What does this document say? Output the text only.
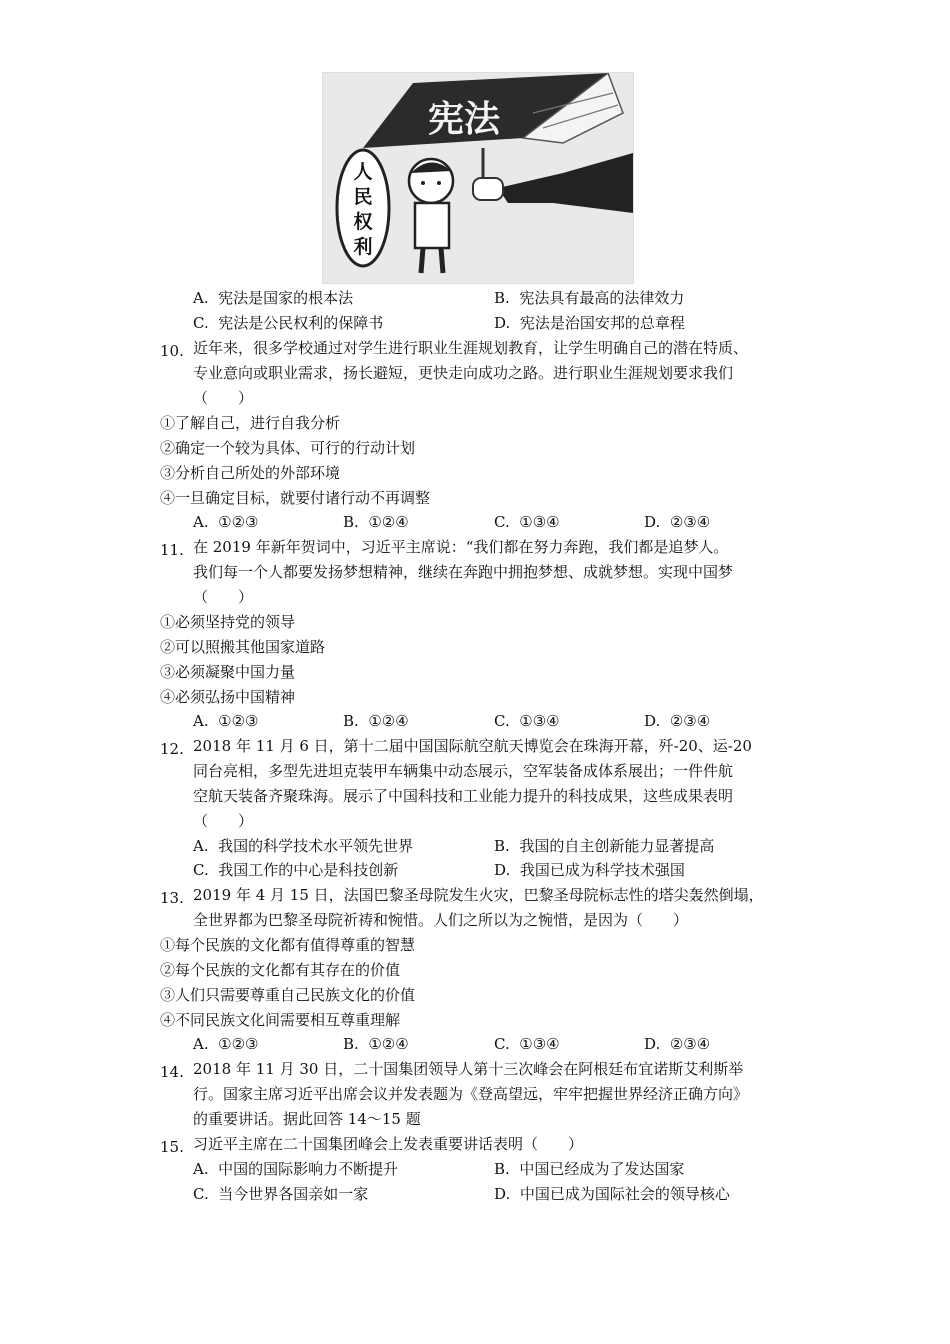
宪法
人
民
权
利
A. 宪法是国家的根本法	B. 宪法具有最高的法律效力
C. 宪法是公民权利的保障书	D. 宪法是治国安邦的总章程
10. 近年来，很多学校通过对学生进行职业生涯规划教育，让学生明确自己的潜在特质、
专业意向或职业需求，扬长避短，更快走向成功之路。进行职业生涯规划要求我们
（　　）
①了解自己，进行自我分析
②确定一个较为具体、可行的行动计划
③分析自己所处的外部环境
④一旦确定目标，就要付诸行动不再调整
A. ①②③	B. ①②④	C. ①③④	D. ②③④
11. 在 2019 年新年贺词中，习近平主席说：“我们都在努力奔跑，我们都是追梦人。
我们每一个人都要发扬梦想精神，继续在奔跑中拥抱梦想、成就梦想。实现中国梦
（　　）
①必须坚持党的领导
②可以照搬其他国家道路
③必须凝聚中国力量
④必须弘扬中国精神
A. ①②③	B. ①②④	C. ①③④	D. ②③④
12. 2018 年 11 月 6 日，第十二届中国国际航空航天博览会在珠海开幕，歼-20、运-20
同台亮相，多型先进坦克装甲车辆集中动态展示，空军装备成体系展出；一件件航
空航天装备齐聚珠海。展示了中国科技和工业能力提升的科技成果，这些成果表明
（　　）
A. 我国的科学技术水平领先世界	B. 我国的自主创新能力显著提高
C. 我国工作的中心是科技创新	D. 我国已成为科学技术强国
13. 2019 年 4 月 15 日，法国巴黎圣母院发生火灾，巴黎圣母院标志性的塔尖轰然倒塌，
全世界都为巴黎圣母院祈祷和惋惜。人们之所以为之惋惜，是因为（　　）
①每个民族的文化都有值得尊重的智慧
②每个民族的文化都有其存在的价值
③人们只需要尊重自己民族文化的价值
④不同民族文化间需要相互尊重理解
A. ①②③	B. ①②④	C. ①③④	D. ②③④
14. 2018 年 11 月 30 日，二十国集团领导人第十三次峰会在阿根廷布宜诺斯艾利斯举
行。国家主席习近平出席会议并发表题为《登高望远，牢牢把握世界经济正确方向》
的重要讲话。据此回答 14～15 题
15. 习近平主席在二十国集团峰会上发表重要讲话表明（　　）
A. 中国的国际影响力不断提升	B. 中国已经成为了发达国家
C. 当今世界各国亲如一家	D. 中国已成为国际社会的领导核心
